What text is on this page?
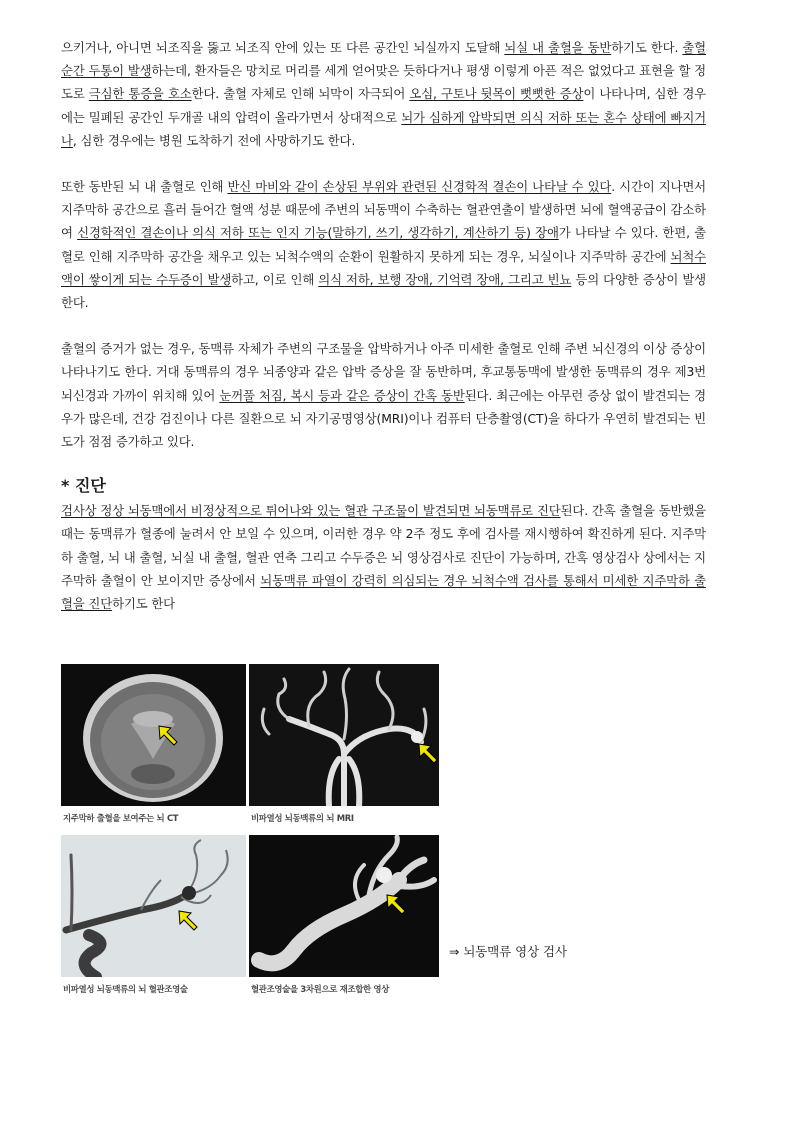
으키거나, 아니면 뇌조직을 뚫고 뇌조직 안에 있는 또 다른 공간인 뇌실까지 도달해 뇌실 내 출혈을 동반하기도 한다. 출혈 순간 두통이 발생하는데, 환자들은 망치로 머리를 세게 얻어맞은 듯하다거나 평생 이렇게 아픈 적은 없었다고 표현을 할 정도로 극심한 통증을 호소한다. 출혈 자체로 인해 뇌막이 자극되어 오심, 구토나 뒷목이 뻣뻣한 증상이 나타나며, 심한 경우에는 밀폐된 공간인 두개골 내의 압력이 올라가면서 상대적으로 뇌가 심하게 압박되면 의식 저하 또는 혼수 상태에 빠지거나, 심한 경우에는 병원 도착하기 전에 사망하기도 한다.

또한 동반된 뇌 내 출혈로 인해 반신 마비와 같이 손상된 부위와 관련된 신경학적 결손이 나타날 수 있다. 시간이 지나면서 지주막하 공간으로 흘러 들어간 혈액 성분 때문에 주변의 뇌동맥이 수축하는 혈관연출이 발생하면 뇌에 혈액공급이 감소하여 신경학적인 결손이나 의식 저하 또는 인지 기능(말하기, 쓰기, 생각하기, 계산하기 등) 장애가 나타날 수 있다. 한편, 출혈로 인해 지주막하 공간을 채우고 있는 뇌척수액의 순환이 원활하지 못하게 되는 경우, 뇌실이나 지주막하 공간에 뇌척수액이 쌓이게 되는 수두증이 발생하고, 이로 인해 의식 저하, 보행 장애, 기억력 장애, 그리고 빈뇨 등의 다양한 증상이 발생한다.

출혈의 증거가 없는 경우, 동맥류 자체가 주변의 구조물을 압박하거나 아주 미세한 출혈로 인해 주변 뇌신경의 이상 증상이 나타나기도 한다. 거대 동맥류의 경우 뇌종양과 같은 압박 증상을 잘 동반하며, 후교통동맥에 발생한 동맥류의 경우 제3번 뇌신경과 가까이 위치해 있어 눈꺼풀 처짐, 복시 등과 같은 증상이 간혹 동반된다. 최근에는 아무런 증상 없이 발견되는 경우가 많은데, 건강 검진이나 다른 질환으로 뇌 자기공명영상(MRI)이나 컴퓨터 단층촬영(CT)을 하다가 우연히 발견되는 빈도가 점점 증가하고 있다.

* 진단

검사상 정상 뇌동맥에서 비정상적으로 튀어나와 있는 혈관 구조물이 발견되면 뇌동맥류로 진단된다. 간혹 출혈을 동반했을 때는 동맥류가 혈종에 눌려서 안 보일 수 있으며, 이러한 경우 약 2주 정도 후에 검사를 재시행하여 확진하게 된다. 지주막하 출혈, 뇌 내 출혈, 뇌실 내 출혈, 혈관 연축 그리고 수두증은 뇌 영상검사로 진단이 가능하며, 간혹 영상검사 상에서는 지주막하 출혈이 안 보이지만 증상에서 뇌동맥류 파열이 강력히 의심되는 경우 뇌척수액 검사를 통해서 미세한 지주막하 출혈을 진단하기도 한다

지주막하 출혈을 보여주는 뇌 CT	비파열성 뇌동맥류의 뇌 MRI
비파열성 뇌동맥류의 뇌 혈관조영술	혈관조영술을 3차원으로 재조합한 영상
⇒ 뇌동맥류 영상 검사
